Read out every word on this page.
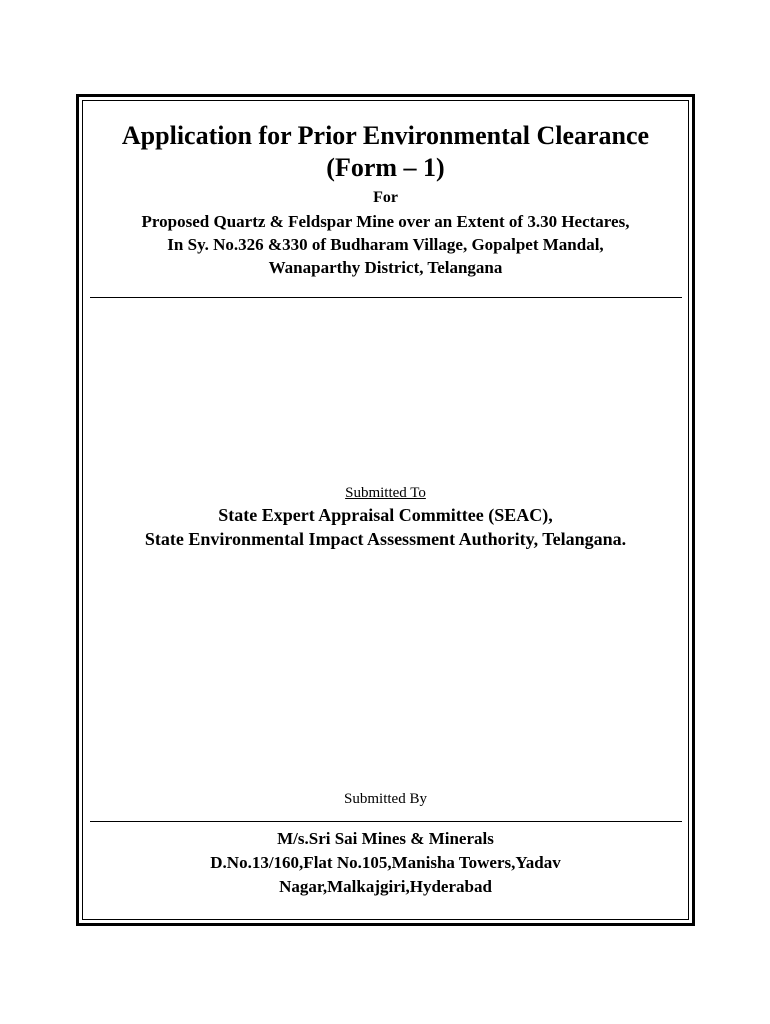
Application for Prior Environmental Clearance
(Form – 1)
For
Proposed Quartz & Feldspar Mine over an Extent of 3.30 Hectares,
In Sy. No.326 &330 of Budharam Village, Gopalpet Mandal,
Wanaparthy District, Telangana
Submitted To
State Expert Appraisal Committee (SEAC),
State Environmental Impact Assessment Authority, Telangana.
Submitted By
M/s.Sri Sai Mines & Minerals
D.No.13/160,Flat No.105,Manisha Towers,Yadav
Nagar,Malkajgiri,Hyderabad
